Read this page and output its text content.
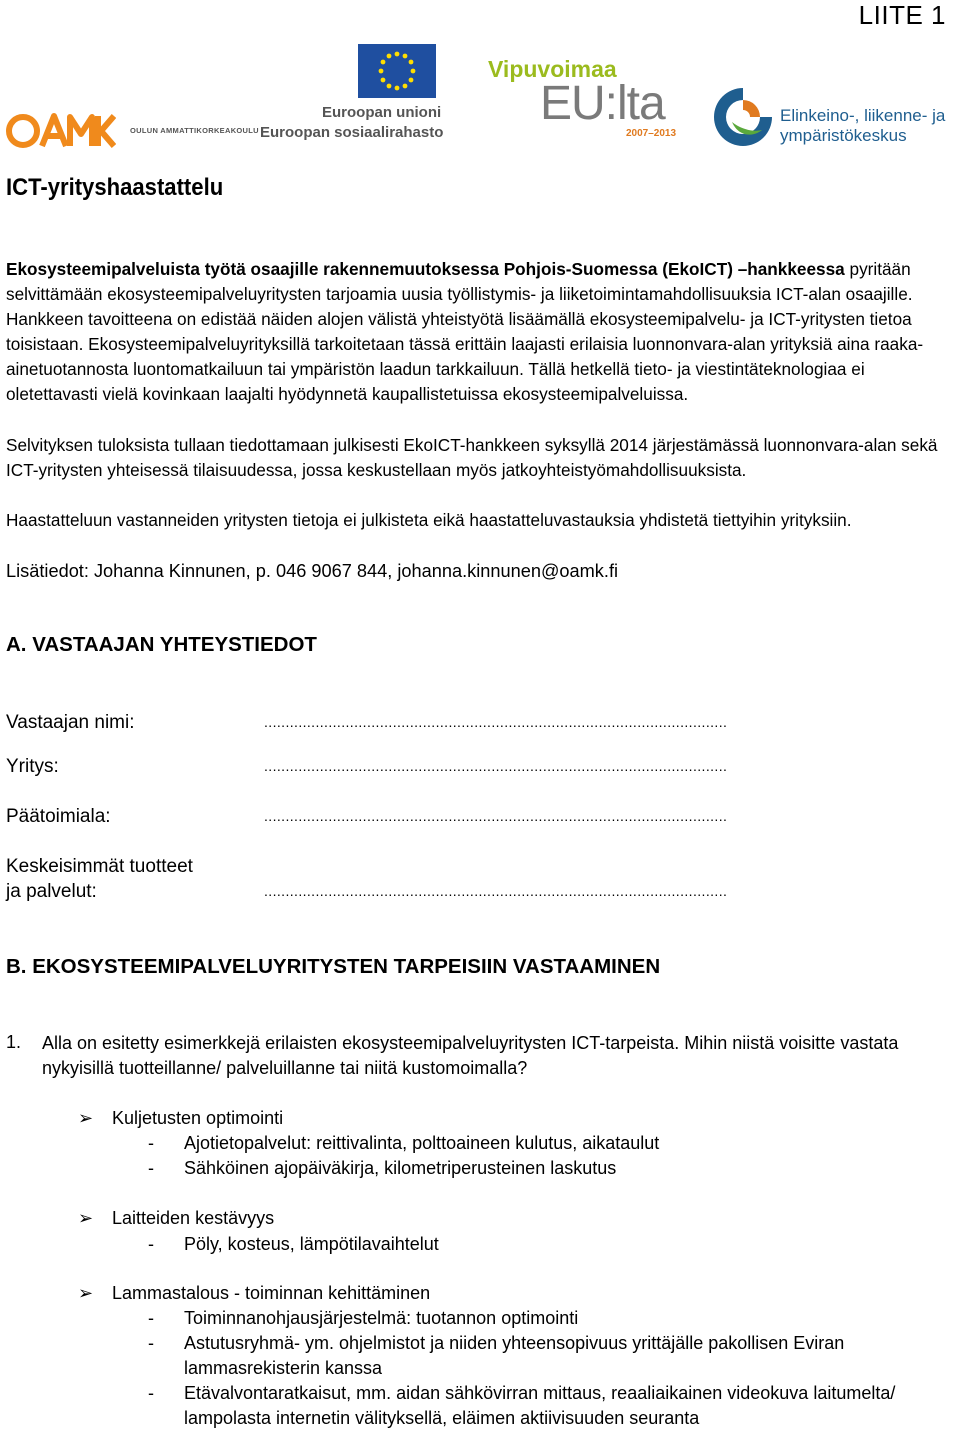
LIITE 1
OULUN AMMATTIKORKEAKOULU
Euroopan unioni
Euroopan sosiaalirahasto
Vipuvoimaa
EU:lta
2007–2013
Elinkeino-, liikenne- ja
ympäristökeskus
ICT-yrityshaastattelu
Ekosysteemipalveluista työtä osaajille rakennemuutoksessa Pohjois-Suomessa (EkoICT) –hankkeessa pyritään selvittämään ekosysteemipalveluyritysten tarjoamia uusia työllistymis- ja liiketoimintamahdollisuuksia ICT-alan osaajille. Hankkeen tavoitteena on edistää näiden alojen välistä yhteistyötä lisäämällä ekosysteemipalvelu- ja ICT-yritysten tietoa toisistaan. Ekosysteemipalveluyrityksillä tarkoitetaan tässä erittäin laajasti erilaisia luonnonvara-alan yrityksiä aina raaka-ainetuotannosta luontomatkailuun tai ympäristön laadun tarkkailuun. Tällä hetkellä tieto- ja viestintäteknologiaa ei oletettavasti vielä kovinkaan laajalti hyödynnetä kaupallistetuissa ekosysteemipalveluissa.
Selvityksen tuloksista tullaan tiedottamaan julkisesti EkoICT-hankkeen syksyllä 2014 järjestämässä luonnonvara-alan sekä ICT-yritysten yhteisessä tilaisuudessa, jossa keskustellaan myös jatkoyhteistyömahdollisuuksista.
Haastatteluun vastanneiden yritysten tietoja ei julkisteta eikä haastatteluvastauksia yhdistetä tiettyihin yrityksiin.
Lisätiedot: Johanna Kinnunen, p. 046 9067 844, johanna.kinnunen@oamk.fi
A. VASTAAJAN YHTEYSTIEDOT
Vastaajan nimi:	............................................................................................................
Yritys:	............................................................................................................
Päätoimiala:	............................................................................................................
Keskeisimmät tuotteet
ja palvelut:	............................................................................................................
B. EKOSYSTEEMIPALVELUYRITYSTEN TARPEISIIN VASTAAMINEN
1. Alla on esitetty esimerkkejä erilaisten ekosysteemipalveluyritysten ICT-tarpeista. Mihin niistä voisitte vastata nykyisillä tuotteillanne/ palveluillanne tai niitä kustomoimalla?
➢ Kuljetusten optimointi
- Ajotietopalvelut: reittivalinta, polttoaineen kulutus, aikataulut
- Sähköinen ajopäiväkirja, kilometriperusteinen laskutus
➢ Laitteiden kestävyys
- Pöly, kosteus, lämpötilavaihtelut
➢ Lammastalous - toiminnan kehittäminen
- Toiminnanohjausjärjestelmä: tuotannon optimointi
- Astutusryhmä- ym. ohjelmistot ja niiden yhteensopivuus yrittäjälle pakollisen Eviran
lammasrekisterin kanssa
- Etävalvontaratkaisut, mm. aidan sähkövirran mittaus, reaaliaikainen videokuva laitumelta/
lampolasta internetin välityksellä, eläimen aktiivisuuden seuranta
